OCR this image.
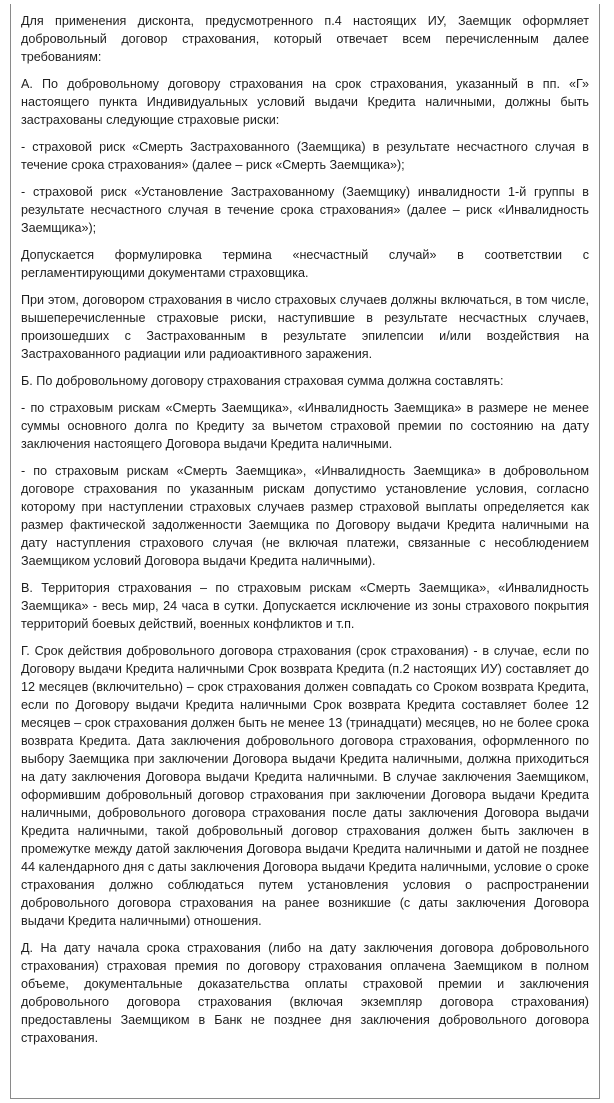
Для применения дисконта, предусмотренного п.4 настоящих ИУ, Заемщик оформляет добровольный договор страхования, который отвечает всем перечисленным далее требованиям:

А. По добровольному договору страхования на срок страхования, указанный в пп. «Г» настоящего пункта Индивидуальных условий выдачи Кредита наличными, должны быть застрахованы следующие страховые риски:

- страховой риск «Смерть Застрахованного (Заемщика) в результате несчастного случая в течение срока страхования» (далее – риск «Смерть Заемщика»);

- страховой риск «Установление Застрахованному (Заемщику) инвалидности 1-й группы в результате несчастного случая в течение срока страхования» (далее – риск «Инвалидность Заемщика»);

Допускается формулировка термина «несчастный случай» в соответствии с регламентирующими документами страховщика.

При этом, договором страхования в число страховых случаев должны включаться, в том числе, вышеперечисленные страховые риски, наступившие в результате несчастных случаев, произошедших с Застрахованным в результате эпилепсии и/или воздействия на Застрахованного радиации или радиоактивного заражения.

Б. По добровольному договору страхования страховая сумма должна составлять:

- по страховым рискам «Смерть Заемщика», «Инвалидность Заемщика» в размере не менее суммы основного долга по Кредиту за вычетом страховой премии по состоянию на дату заключения настоящего Договора выдачи Кредита наличными.

- по страховым рискам «Смерть Заемщика», «Инвалидность Заемщика» в добровольном договоре страхования по указанным рискам допустимо установление условия, согласно которому при наступлении страховых случаев размер страховой выплаты определяется как размер фактической задолженности Заемщика по Договору выдачи Кредита наличными на дату наступления страхового случая (не включая платежи, связанные с несоблюдением Заемщиком условий Договора выдачи Кредита наличными).

В. Территория страхования – по страховым рискам «Смерть Заемщика», «Инвалидность Заемщика» - весь мир, 24 часа в сутки. Допускается исключение из зоны страхового покрытия территорий боевых действий, военных конфликтов и т.п.

Г. Срок действия добровольного договора страхования (срок страхования) - в случае, если по Договору выдачи Кредита наличными Срок возврата Кредита (п.2 настоящих ИУ) составляет до 12 месяцев (включительно) – срок страхования должен совпадать со Сроком возврата Кредита, если по Договору выдачи Кредита наличными Срок возврата Кредита составляет более 12 месяцев – срок страхования должен быть не менее 13 (тринадцати) месяцев, но не более срока возврата Кредита. Дата заключения добровольного договора страхования, оформленного по выбору Заемщика при заключении Договора выдачи Кредита наличными, должна приходиться на дату заключения Договора выдачи Кредита наличными. В случае заключения Заемщиком, оформившим добровольный договор страхования при заключении Договора выдачи Кредита наличными, добровольного договора страхования после даты заключения Договора выдачи Кредита наличными, такой добровольный договор страхования должен быть заключен в промежутке между датой заключения Договора выдачи Кредита наличными и датой не позднее 44 календарного дня с даты заключения Договора выдачи Кредита наличными, условие о сроке страхования должно соблюдаться путем установления условия о распространении добровольного договора страхования на ранее возникшие (с даты заключения Договора выдачи Кредита наличными) отношения.

Д. На дату начала срока страхования (либо на дату заключения договора добровольного страхования) страховая премия по договору страхования оплачена Заемщиком в полном объеме, документальные доказательства оплаты страховой премии и заключения добровольного договора страхования (включая экземпляр договора страхования) предоставлены Заемщиком в Банк не позднее дня заключения добровольного договора страхования.
